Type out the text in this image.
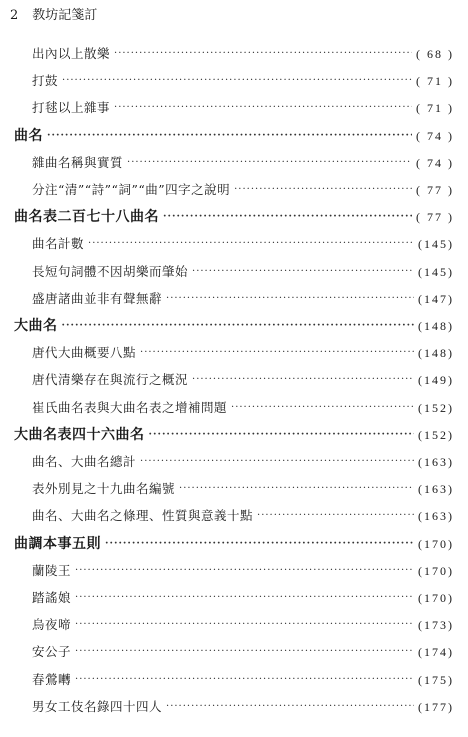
2 教坊記箋訂
出內以上散樂 ·····	( 68 )
打鼓 ·····	( 71 )
打毬以上雜事 ·····	( 71 )
曲名 ·····	( 74 )
雜曲名稱與實質 ·····	( 74 )
分注“清”“詩”“詞”“曲”四字之說明 ·····	( 77 )
曲名表二百七十八曲名 ·····	( 77 )
曲名計數 ·····	(145)
長短句詞體不因胡樂而肇始 ·····	(145)
盛唐諸曲並非有聲無辭 ·····	(147)
大曲名 ·····	(148)
唐代大曲概要八點 ·····	(148)
唐代清樂存在與流行之概況 ·····	(149)
崔氏曲名表與大曲名表之增補問題 ·····	(152)
大曲名表四十六曲名 ·····	(152)
曲名、大曲名總計 ·····	(163)
表外別見之十九曲名編號 ·····	(163)
曲名、大曲名之條理、性質與意義十點 ·····	(163)
曲調本事五則 ·····	(170)
蘭陵王 ·····	(170)
踏謠娘 ·····	(170)
烏夜啼 ·····	(173)
安公子 ·····	(174)
春鶯囀 ·····	(175)
男女工伎名錄四十四人 ·····	(177)
